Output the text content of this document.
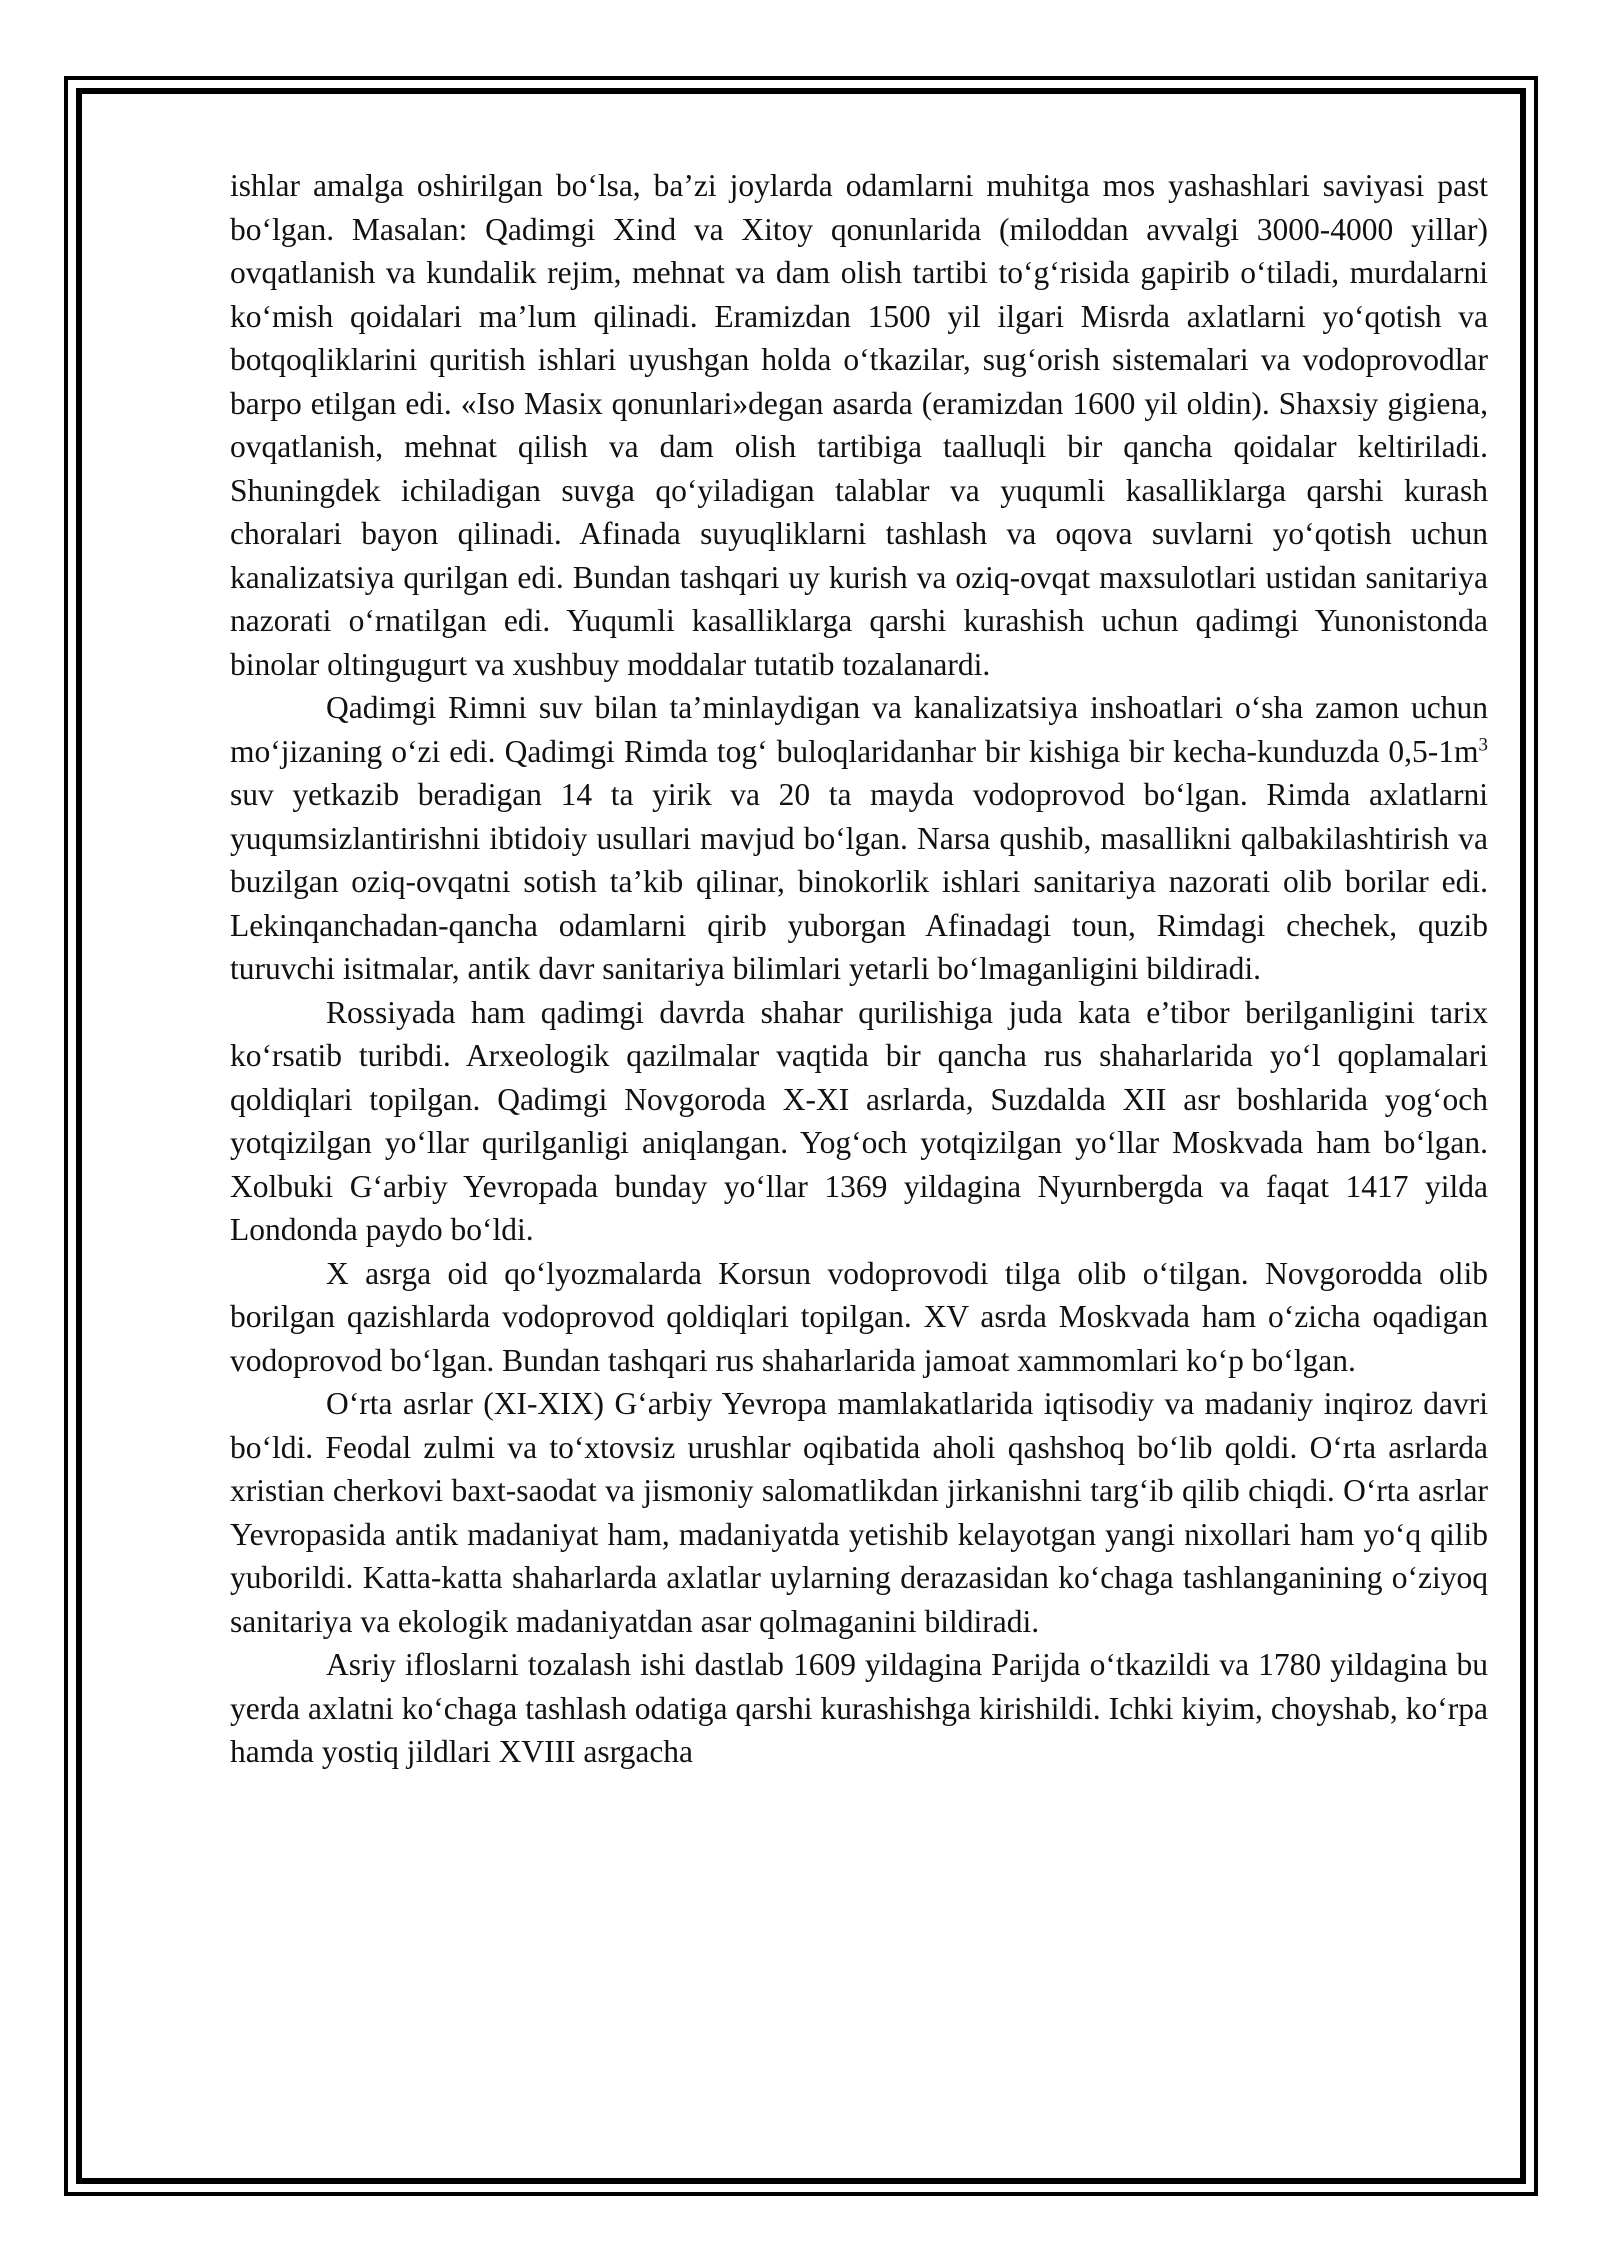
ishlar amalga oshirilgan bo‘lsa, ba’zi joylarda odamlarni muhitga mos yashashlari saviyasi past bo‘lgan. Masalan: Qadimgi Xind va Xitoy qonunlarida (miloddan avvalgi 3000-4000 yillar) ovqatlanish va kundalik rejim, mehnat va dam olish tartibi to‘g‘risida gapirib o‘tiladi, murdalarni ko‘mish qoidalari ma’lum qilinadi. Eramizdan 1500 yil ilgari Misrda axlatlarni yo‘qotish va botqoqliklarini quritish ishlari uyushgan holda o‘tkazilar, sug‘orish sistemalari va vodoprovodlar barpo etilgan edi. «Iso Masix qonunlari»degan asarda (eramizdan 1600 yil oldin). Shaxsiy gigiena, ovqatlanish, mehnat qilish va dam olish tartibiga taalluqli bir qancha qoidalar keltiriladi. Shuningdek ichiladigan suvga qo‘yiladigan talablar va yuqumli kasalliklarga qarshi kurash choralari bayon qilinadi. Afinada suyuqliklarni tashlash va oqova suvlarni yo‘qotish uchun kanalizatsiya qurilgan edi. Bundan tashqari uy kurish va oziq-ovqat maxsulotlari ustidan sanitariya nazorati o‘rnatilgan edi. Yuqumli kasalliklarga qarshi kurashish uchun qadimgi Yunonistonda binolar oltingugurt va xushbuy moddalar tutatib tozalanardi.

Qadimgi Rimni suv bilan ta’minlaydigan va kanalizatsiya inshoatlari o‘sha zamon uchun mo‘jizaning o‘zi edi. Qadimgi Rimda tog‘ buloqlaridanhar bir kishiga bir kecha-kunduzda $0,5-1m^3$ suv yetkazib beradigan 14 ta yirik va 20 ta mayda vodoprovod bo‘lgan. Rimda axlatlarni yuqumsizlantirishni ibtidoiy usullari mavjud bo‘lgan. Narsa qushib, masallikni qalbakilashtirish va buzilgan oziq-ovqatni sotish ta’kib qilinar, binokorlik ishlari sanitariya nazorati olib borilar edi. Lekinqanchadan-qancha odamlarni qirib yuborgan Afinadagi toun, Rimdagi chechek, quzib turuvchi isitmalar, antik davr sanitariya bilimlari yetarli bo‘lmaganligini bildiradi.

Rossiyada ham qadimgi davrda shahar qurilishiga juda kata e’tibor berilganligini tarix ko‘rsatib turibdi. Arxeologik qazilmalar vaqtida bir qancha rus shaharlarida yo‘l qoplamalari qoldiqlari topilgan. Qadimgi Novgoroda X-XI asrlarda, Suzdalda XII asr boshlarida yog‘och yotqizilgan yo‘llar qurilganligi aniqlangan. Yog‘och yotqizilgan yo‘llar Moskvada ham bo‘lgan. Xolbuki G‘arbiy Yevropada bunday yo‘llar 1369 yildagina Nyurnbergda va faqat 1417 yilda Londonda paydo bo‘ldi.

X asrga oid qo‘lyozmalarda Korsun vodoprovodi tilga olib o‘tilgan. Novgorodda olib borilgan qazishlarda vodoprovod qoldiqlari topilgan. XV asrda Moskvada ham o‘zicha oqadigan vodoprovod bo‘lgan. Bundan tashqari rus shaharlarida jamoat xammomlari ko‘p bo‘lgan.

O‘rta asrlar (XI-XIX) G‘arbiy Yevropa mamlakatlarida iqtisodiy va madaniy inqiroz davri bo‘ldi. Feodal zulmi va to‘xtovsiz urushlar oqibatida aholi qashshoq bo‘lib qoldi. O‘rta asrlarda xristian cherkovi baxt-saodat va jismoniy salomatlikdan jirkanishni targ‘ib qilib chiqdi. O‘rta asrlar Yevropasida antik madaniyat ham, madaniyatda yetishib kelayotgan yangi nixollari ham yo‘q qilib yuborildi. Katta-katta shaharlarda axlatlar uylarning derazasidan ko‘chaga tashlanganining o‘ziyoq sanitariya va ekologik madaniyatdan asar qolmaganini bildiradi.

Asriy ifloslarni tozalash ishi dastlab 1609 yildagina Parijda o‘tkazildi va 1780 yildagina bu yerda axlatni ko‘chaga tashlash odatiga qarshi kurashishga kirishildi. Ichki kiyim, choyshab, ko‘rpa hamda yostiq jildlari XVIII asrgacha
